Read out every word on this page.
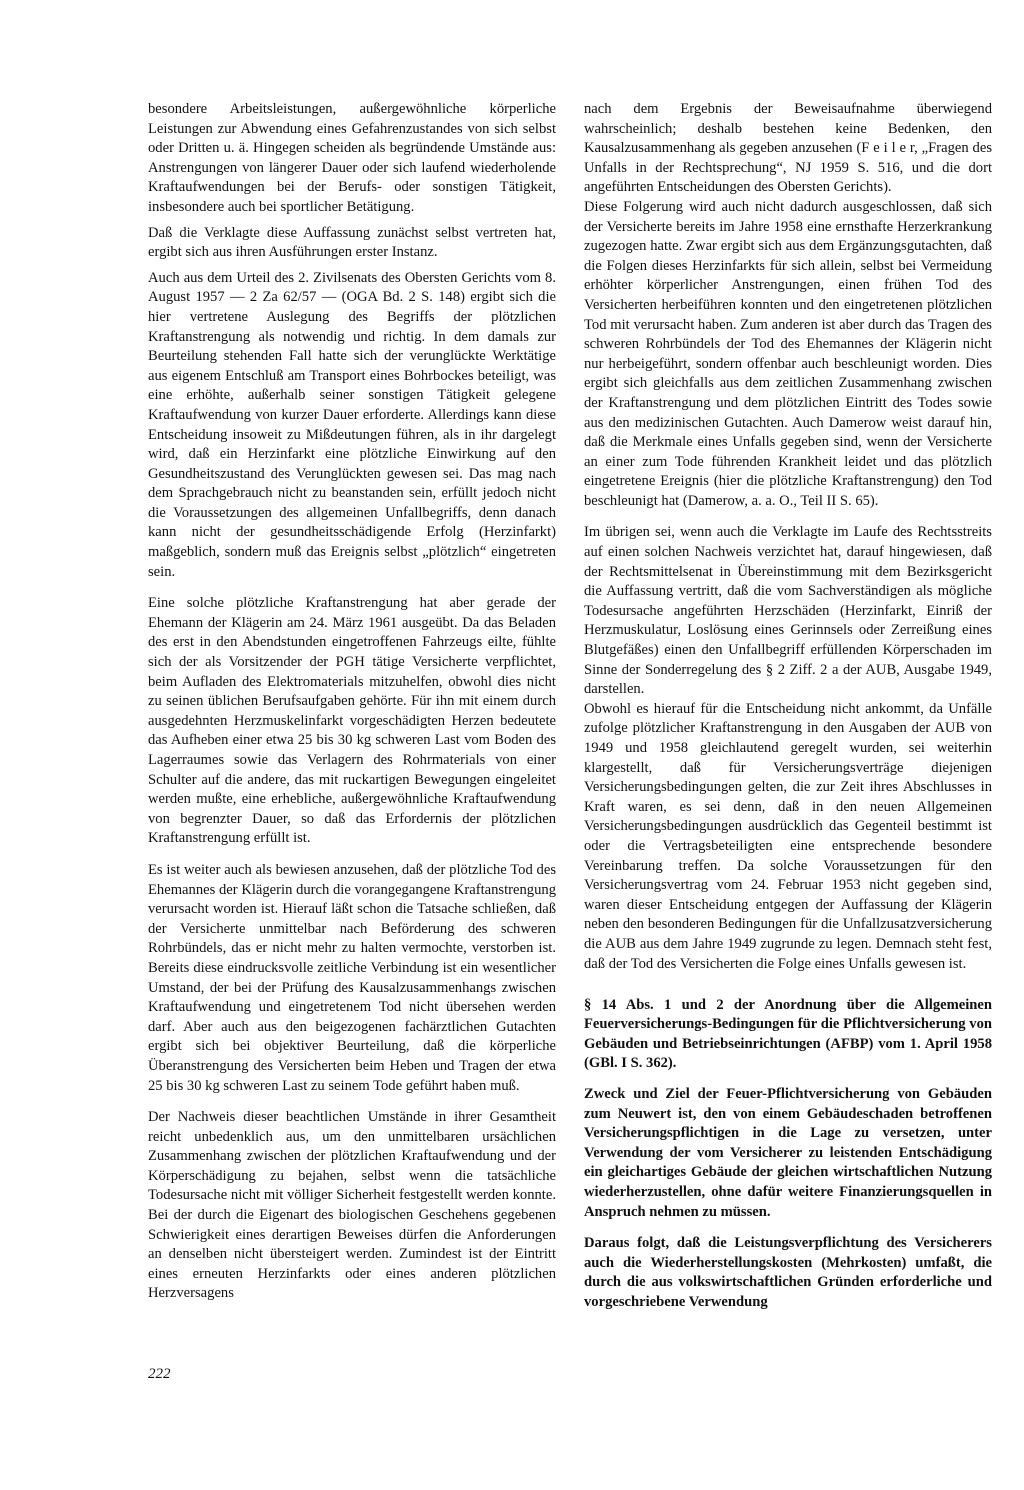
besondere Arbeitsleistungen, außergewöhnliche körperliche Leistungen zur Abwendung eines Gefahrenzustandes von sich selbst oder Dritten u. ä. Hingegen scheiden als begründende Umstände aus: Anstrengungen von längerer Dauer oder sich laufend wiederholende Kraftaufwendungen bei der Berufs- oder sonstigen Tätigkeit, insbesondere auch bei sportlicher Betätigung.

Daß die Verklagte diese Auffassung zunächst selbst vertreten hat, ergibt sich aus ihren Ausführungen erster Instanz.

Auch aus dem Urteil des 2. Zivilsenats des Obersten Gerichts vom 8. August 1957 — 2 Za 62/57 — (OGA Bd. 2 S. 148) ergibt sich die hier vertretene Auslegung des Begriffs der plötzlichen Kraftanstrengung als notwendig und richtig. In dem damals zur Beurteilung stehenden Fall hatte sich der verunglückte Werktätige aus eigenem Entschluß am Transport eines Bohrbockes beteiligt, was eine erhöhte, außerhalb seiner sonstigen Tätigkeit gelegene Kraftaufwendung von kurzer Dauer erforderte. Allerdings kann diese Entscheidung insoweit zu Mißdeutungen führen, als in ihr dargelegt wird, daß ein Herzinfarkt eine plötzliche Einwirkung auf den Gesundheitszustand des Verunglückten gewesen sei. Das mag nach dem Sprachgebrauch nicht zu beanstanden sein, erfüllt jedoch nicht die Voraussetzungen des allgemeinen Unfallbegriffs, denn danach kann nicht der gesundheitsschädigende Erfolg (Herzinfarkt) maßgeblich, sondern muß das Ereignis selbst „plötzlich“ eingetreten sein.

Eine solche plötzliche Kraftanstrengung hat aber gerade der Ehemann der Klägerin am 24. März 1961 ausgeübt. Da das Beladen des erst in den Abendstunden eingetroffenen Fahrzeugs eilte, fühlte sich der als Vorsitzender der PGH tätige Versicherte verpflichtet, beim Aufladen des Elektromaterials mitzuhelfen, obwohl dies nicht zu seinen üblichen Berufsaufgaben gehörte. Für ihn mit einem durch ausgedehnten Herzmuskelinfarkt vorgeschädigten Herzen bedeutete das Aufheben einer etwa 25 bis 30 kg schweren Last vom Boden des Lagerraumes sowie das Verlagern des Rohrmaterials von einer Schulter auf die andere, das mit ruckartigen Bewegungen eingeleitet werden mußte, eine erhebliche, außergewöhnliche Kraftaufwendung von begrenzter Dauer, so daß das Erfordernis der plötzlichen Kraftanstrengung erfüllt ist.

Es ist weiter auch als bewiesen anzusehen, daß der plötzliche Tod des Ehemannes der Klägerin durch die vorangegangene Kraftanstrengung verursacht worden ist. Hierauf läßt schon die Tatsache schließen, daß der Versicherte unmittelbar nach Beförderung des schweren Rohrbündels, das er nicht mehr zu halten vermochte, verstorben ist. Bereits diese eindrucksvolle zeitliche Verbindung ist ein wesentlicher Umstand, der bei der Prüfung des Kausalzusammenhangs zwischen Kraftaufwendung und eingetretenem Tod nicht übersehen werden darf. Aber auch aus den beigezogenen fachärztlichen Gutachten ergibt sich bei objektiver Beurteilung, daß die körperliche Überanstrengung des Versicherten beim Heben und Tragen der etwa 25 bis 30 kg schweren Last zu seinem Tode geführt haben muß.

Der Nachweis dieser beachtlichen Umstände in ihrer Gesamtheit reicht unbedenklich aus, um den unmittelbaren ursächlichen Zusammenhang zwischen der plötzlichen Kraftaufwendung und der Körperschädigung zu bejahen, selbst wenn die tatsächliche Todesursache nicht mit völliger Sicherheit festgestellt werden konnte. Bei der durch die Eigenart des biologischen Geschehens gegebenen Schwierigkeit eines derartigen Beweises dürfen die Anforderungen an denselben nicht übersteigert werden. Zumindest ist der Eintritt eines erneuten Herzinfarkts oder eines anderen plötzlichen Herzversagens

nach dem Ergebnis der Beweisaufnahme überwiegend wahrscheinlich; deshalb bestehen keine Bedenken, den Kausalzusammenhang als gegeben anzusehen (F e i l e r, „Fragen des Unfalls in der Rechtsprechung“, NJ 1959 S. 516, und die dort angeführten Entscheidungen des Obersten Gerichts).

Diese Folgerung wird auch nicht dadurch ausgeschlossen, daß sich der Versicherte bereits im Jahre 1958 eine ernsthafte Herzerkrankung zugezogen hatte. Zwar ergibt sich aus dem Ergänzungsgutachten, daß die Folgen dieses Herzinfarkts für sich allein, selbst bei Vermeidung erhöhter körperlicher Anstrengungen, einen frühen Tod des Versicherten herbeiführen konnten und den eingetretenen plötzlichen Tod mit verursacht haben. Zum anderen ist aber durch das Tragen des schweren Rohrbündels der Tod des Ehemannes der Klägerin nicht nur herbeigeführt, sondern offenbar auch beschleunigt worden. Dies ergibt sich gleichfalls aus dem zeitlichen Zusammenhang zwischen der Kraftanstrengung und dem plötzlichen Eintritt des Todes sowie aus den medizinischen Gutachten. Auch Damerow weist darauf hin, daß die Merkmale eines Unfalls gegeben sind, wenn der Versicherte an einer zum Tode führenden Krankheit leidet und das plötzlich eingetretene Ereignis (hier die plötzliche Kraftanstrengung) den Tod beschleunigt hat (Damerow, a. a. O., Teil II S. 65).

Im übrigen sei, wenn auch die Verklagte im Laufe des Rechtsstreits auf einen solchen Nachweis verzichtet hat, darauf hingewiesen, daß der Rechtsmittelsenat in Übereinstimmung mit dem Bezirksgericht die Auffassung vertritt, daß die vom Sachverständigen als mögliche Todesursache angeführten Herzschäden (Herzinfarkt, Einriß der Herzmuskulatur, Loslösung eines Gerinnsels oder Zerreißung eines Blutgefäßes) einen den Unfallbegriff erfüllenden Körperschaden im Sinne der Sonderregelung des § 2 Ziff. 2 a der AUB, Ausgabe 1949, darstellen.

Obwohl es hierauf für die Entscheidung nicht ankommt, da Unfälle zufolge plötzlicher Kraftanstrengung in den Ausgaben der AUB von 1949 und 1958 gleichlautend geregelt wurden, sei weiterhin klargestellt, daß für Versicherungsverträge diejenigen Versicherungsbedingungen gelten, die zur Zeit ihres Abschlusses in Kraft waren, es sei denn, daß in den neuen Allgemeinen Versicherungsbedingungen ausdrücklich das Gegenteil bestimmt ist oder die Vertragsbeteiligten eine entsprechende besondere Vereinbarung treffen. Da solche Voraussetzungen für den Versicherungsvertrag vom 24. Februar 1953 nicht gegeben sind, waren dieser Entscheidung entgegen der Auffassung der Klägerin neben den besonderen Bedingungen für die Unfallzusatzversicherung die AUB aus dem Jahre 1949 zugrunde zu legen. Demnach steht fest, daß der Tod des Versicherten die Folge eines Unfalls gewesen ist.

§ 14 Abs. 1 und 2 der Anordnung über die Allgemeinen Feuerversicherungs-Bedingungen für die Pflichtversicherung von Gebäuden und Betriebseinrichtungen (AFBP) vom 1. April 1958 (GBl. I S. 362).

Zweck und Ziel der Feuer-Pflichtversicherung von Gebäuden zum Neuwert ist, den von einem Gebäudeschaden betroffenen Versicherungspflichtigen in die Lage zu versetzen, unter Verwendung der vom Versicherer zu leistenden Entschädigung ein gleichartiges Gebäude der gleichen wirtschaftlichen Nutzung wiederherzustellen, ohne dafür weitere Finanzierungsquellen in Anspruch nehmen zu müssen.

Daraus folgt, daß die Leistungsverpflichtung des Versicherers auch die Wiederherstellungskosten (Mehrkosten) umfaßt, die durch die aus volkswirtschaftlichen Gründen erforderliche und vorgeschriebene Verwendung

222
